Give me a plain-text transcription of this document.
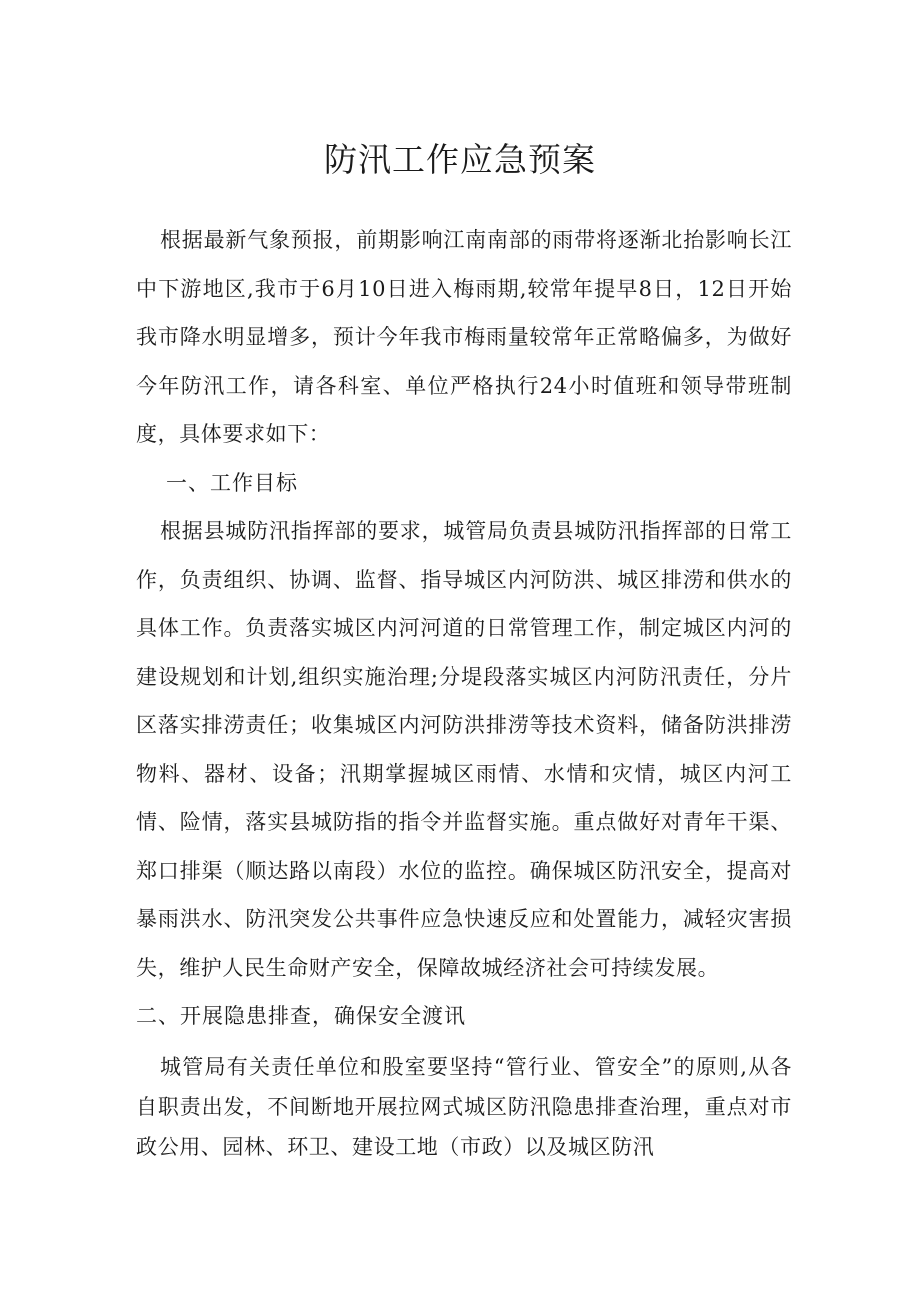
防汛工作应急预案

根据最新气象预报，前期影响江南南部的雨带将逐渐北抬影响长江中下游地区,我市于6月10日进入梅雨期,较常年提早8日，12日开始我市降水明显增多，预计今年我市梅雨量较常年正常略偏多，为做好今年防汛工作，请各科室、单位严格执行24小时值班和领导带班制度，具体要求如下：

一、工作目标

根据县城防汛指挥部的要求，城管局负责县城防汛指挥部的日常工作，负责组织、协调、监督、指导城区内河防洪、城区排涝和供水的具体工作。负责落实城区内河河道的日常管理工作，制定城区内河的建设规划和计划,组织实施治理;分堤段落实城区内河防汛责任，分片区落实排涝责任；收集城区内河防洪排涝等技术资料，储备防洪排涝物料、器材、设备；汛期掌握城区雨情、水情和灾情，城区内河工情、险情，落实县城防指的指令并监督实施。重点做好对青年干渠、郑口排渠（顺达路以南段）水位的监控。确保城区防汛安全，提高对暴雨洪水、防汛突发公共事件应急快速反应和处置能力，减轻灾害损失，维护人民生命财产安全，保障故城经济社会可持续发展。

二、开展隐患排查，确保安全渡讯

城管局有关责任单位和股室要坚持“管行业、管安全”的原则,从各自职责出发，不间断地开展拉网式城区防汛隐患排查治理，重点对市政公用、园林、环卫、建设工地（市政）以及城区防汛
